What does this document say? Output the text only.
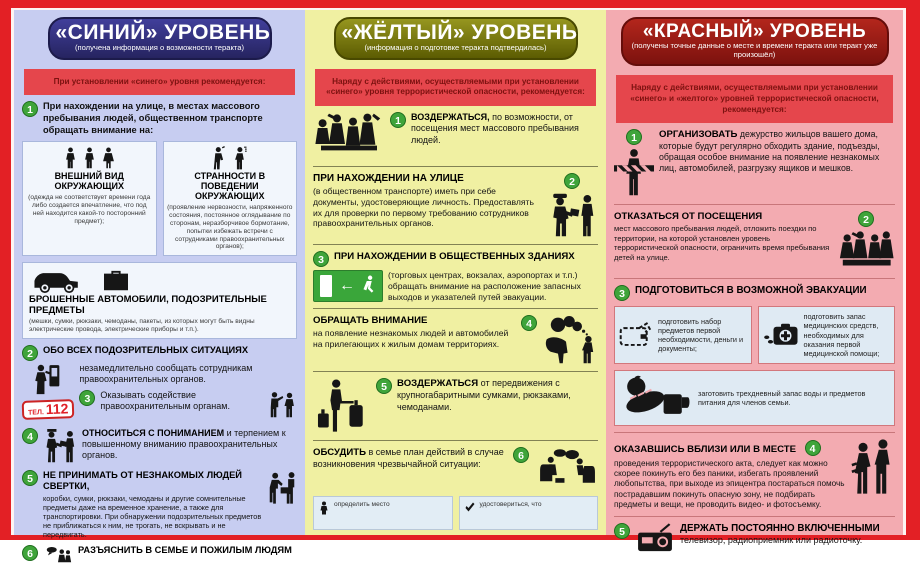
«СИНИЙ» УРОВЕНЬ
(получена информация о возможности теракта)
При установлении «синего» уровня рекомендуется:
1	При нахождении на улице, в местах массового пребывания людей, общественном транспорте обращать внимание на:
ВНЕШНИЙ ВИД ОКРУЖАЮЩИХ
(одежда не соответствует времени года либо создается впечатление, что под ней находится какой-то посторонний предмет);
СТРАННОСТИ В ПОВЕДЕНИИ ОКРУЖАЮЩИХ
(проявление нервозности, напряженного состояния, постоянное оглядывание по сторонам, неразборчивое бормотание, попытки избежать встречи с сотрудниками правоохранительных органов);
БРОШЕННЫЕ АВТОМОБИЛИ, ПОДОЗРИТЕЛЬНЫЕ ПРЕДМЕТЫ
(мешки, сумки, рюкзаки, чемоданы, пакеты, из которых могут быть видны электрические провода, электрические приборы и т.п.).
2	ОБО ВСЕХ ПОДОЗРИТЕЛЬНЫХ СИТУАЦИЯХ
ТЕЛ. 112
незамедлительно сообщать сотрудникам правоохранительных органов.
3	Оказывать содействие правоохранительным органам.
4	ОТНОСИТЬСЯ С ПОНИМАНИЕМ и терпением к повышенному вниманию правоохранительных органов.
5	НЕ ПРИНИМАТЬ ОТ НЕЗНАКОМЫХ ЛЮДЕЙ СВЕРТКИ,
коробки, сумки, рюкзаки, чемоданы и другие сомнительные предметы даже на временное хранение, а также для транспортировки. При обнаружении подозрительных предметов не приближаться к ним, не трогать, не вскрывать и не передвигать.
6	РАЗЪЯСНИТЬ В СЕМЬЕ И ПОЖИЛЫМ ЛЮДЯМ
«ЖЁЛТЫЙ» УРОВЕНЬ
(информация о подготовке теракта подтвердилась)
Наряду с действиями, осуществляемыми при установлении «синего» уровня террористической опасности, рекомендуется:
1	ВОЗДЕРЖАТЬСЯ, по возможности, от посещения мест массового пребывания людей.
ПРИ НАХОЖДЕНИИ НА УЛИЦЕ
(в общественном транспорте) иметь при себе документы, удостоверяющие личность. Предоставлять их для проверки по первому требованию сотрудников правоохранительных органов.
2
3	ПРИ НАХОЖДЕНИИ В ОБЩЕСТВЕННЫХ ЗДАНИЯХ
←
(торговых центрах, вокзалах, аэропортах и т.п.) обращать внимание на расположение запасных выходов и указателей путей эвакуации.
ОБРАЩАТЬ ВНИМАНИЕ
на появление незнакомых людей и автомобилей на прилегающих к жилым домам территориях.
4
5	ВОЗДЕРЖАТЬСЯ от передвижения с крупногабаритными сумками, рюкзаками, чемоданами.
ОБСУДИТЬ в семье план действий в случае возникновения чрезвычайной ситуации:
6
определить место	удостовериться, что
«КРАСНЫЙ» УРОВЕНЬ
(получены точные данные о месте и времени теракта или теракт уже произошёл)
Наряду с действиями, осуществляемыми при установлении «синего» и «желтого» уровней террористической опасности, рекомендуется:
1	ОРГАНИЗОВАТЬ дежурство жильцов вашего дома, которые будут регулярно обходить здание, подъезды, обращая особое внимание на появление незнакомых лиц, автомобилей, разгрузку ящиков и мешков.
ОТКАЗАТЬСЯ ОТ ПОСЕЩЕНИЯ
мест массового пребывания людей, отложить поездки по территории, на которой установлен уровень террористической опасности, ограничить время пребывания детей на улице.
2
3	ПОДГОТОВИТЬСЯ В ВОЗМОЖНОЙ ЭВАКУАЦИИ
подготовить набор предметов первой необходимости, деньги и документы;
подготовить запас медицинских средств, необходимых для оказания первой медицинской помощи;
заготовить трехдневный запас воды и предметов питания для членов семьи.
ОКАЗАВШИСЬ ВБЛИЗИ ИЛИ В МЕСТЕ 4
проведения террористического акта, следует как можно скорее покинуть его без паники, избегать проявлений любопытства, при выходе из эпицентра постараться помочь пострадавшим покинуть опасную зону, не подбирать предметы и вещи, не проводить видео- и фотосъемку.
5	ДЕРЖАТЬ ПОСТОЯННО ВКЛЮЧЕННЫМИ
телевизор, радиоприемник или радиоточку.
